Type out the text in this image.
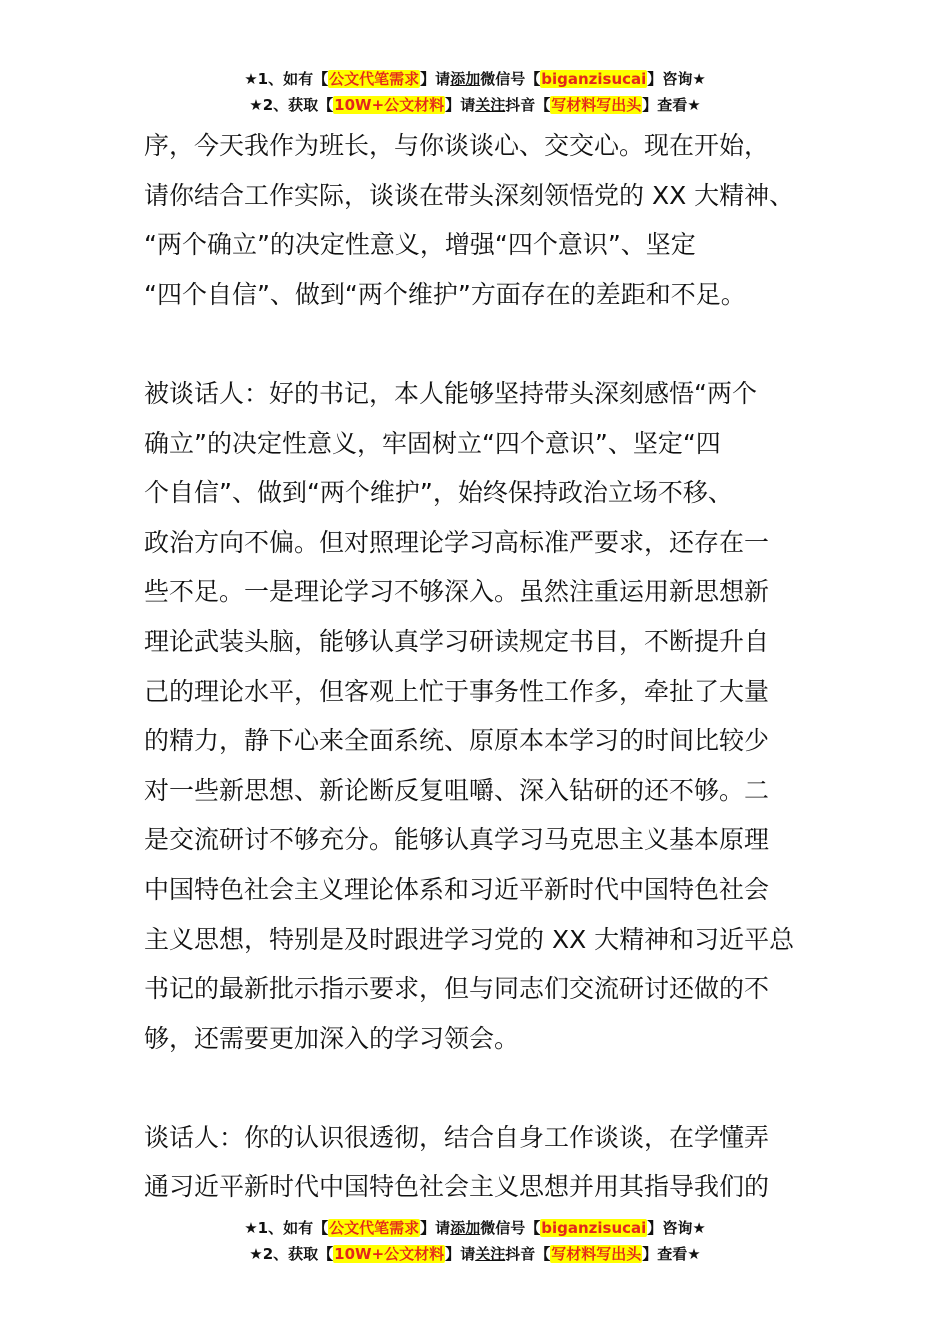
★1、如有【公文代笔需求】请添加微信号【biganzisucai】咨询★
★2、获取【10W+公文材料】请关注抖音【写材料写出头】查看★

序，今天我作为班长，与你谈谈心、交交心。现在开始，
请你结合工作实际，谈谈在带头深刻领悟党的 XX 大精神、
“两个确立”的决定性意义，增强“四个意识”、坚定
“四个自信”、做到“两个维护”方面存在的差距和不足。

被谈话人：好的书记，本人能够坚持带头深刻感悟“两个
确立”的决定性意义，牢固树立“四个意识”、坚定“四
个自信”、做到“两个维护”，始终保持政治立场不移、
政治方向不偏。但对照理论学习高标准严要求，还存在一
些不足。一是理论学习不够深入。虽然注重运用新思想新
理论武装头脑，能够认真学习研读规定书目，不断提升自
己的理论水平，但客观上忙于事务性工作多，牵扯了大量
的精力，静下心来全面系统、原原本本学习的时间比较少
对一些新思想、新论断反复咀嚼、深入钻研的还不够。二
是交流研讨不够充分。能够认真学习马克思主义基本原理
中国特色社会主义理论体系和习近平新时代中国特色社会
主义思想，特别是及时跟进学习党的 XX 大精神和习近平总
书记的最新批示指示要求，但与同志们交流研讨还做的不
够，还需要更加深入的学习领会。

谈话人：你的认识很透彻，结合自身工作谈谈，在学懂弄
通习近平新时代中国特色社会主义思想并用其指导我们的

★1、如有【公文代笔需求】请添加微信号【biganzisucai】咨询★
★2、获取【10W+公文材料】请关注抖音【写材料写出头】查看★
